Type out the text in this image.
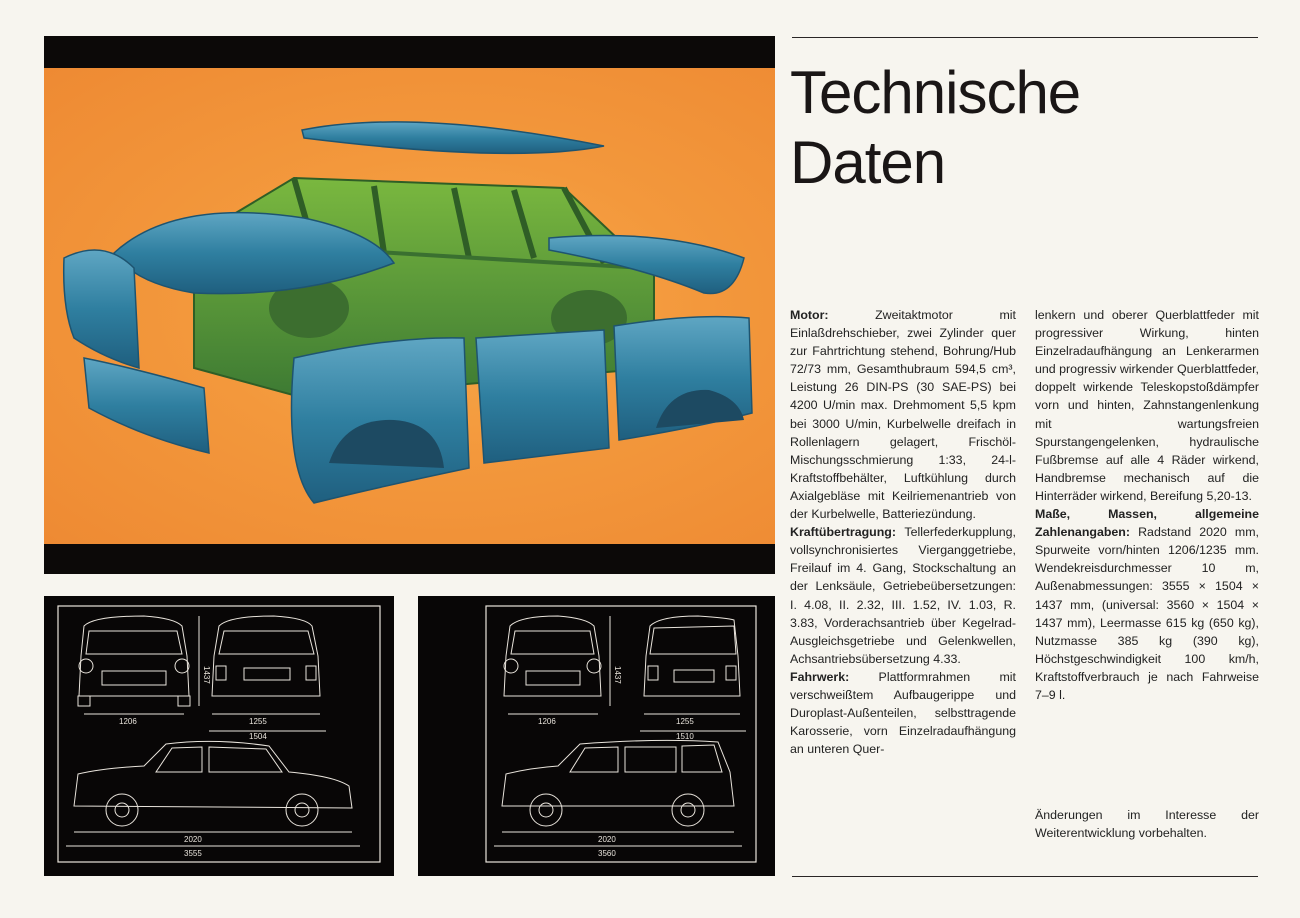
1206
1437
1255
1504
2020
3555
1206
1437
1255
1510
2020
3560
Technische
Daten

Motor: Zweitaktmotor mit Einlaßdrehschieber, zwei Zylinder quer zur Fahrtrichtung stehend, Bohrung/Hub 72/73 mm, Gesamthubraum 594,5 cm³, Leistung 26 DIN-PS (30 SAE-PS) bei 4200 U/min max. Drehmoment 5,5 kpm bei 3000 U/min, Kurbelwelle dreifach in Rollenlagern gelagert, Frischöl-Mischungsschmierung 1:33, 24-l-Kraftstoffbehälter, Luftkühlung durch Axialgebläse mit Keilriemenantrieb von der Kurbelwelle, Batteriezündung.

Kraftübertragung: Tellerfederkupplung, vollsynchronisiertes Vierganggetriebe, Freilauf im 4. Gang, Stockschaltung an der Lenksäule, Getriebeübersetzungen: I. 4.08, II. 2.32, III. 1.52, IV. 1.03, R. 3.83, Vorderachsantrieb über Kegelrad-Ausgleichsgetriebe und Gelenkwellen, Achsantriebsübersetzung 4.33.

Fahrwerk: Plattformrahmen mit verschweißtem Aufbaugerippe und Duroplast-Außenteilen, selbsttragende Karosserie, vorn Einzelradaufhängung an unteren Quer-

lenkern und oberer Querblattfeder mit progressiver Wirkung, hinten Einzelradaufhängung an Lenkerarmen und progressiv wirkender Querblattfeder, doppelt wirkende Teleskopstoßdämpfer vorn und hinten, Zahnstangenlenkung mit wartungsfreien Spurstangengelenken, hydraulische Fußbremse auf alle 4 Räder wirkend, Handbremse mechanisch auf die Hinterräder wirkend, Bereifung 5,20-13.

Maße, Massen, allgemeine Zahlenangaben: Radstand 2020 mm, Spurweite vorn/hinten 1206/1235 mm. Wendekreisdurchmesser 10 m, Außenabmessungen: 3555 × 1504 × 1437 mm, (universal: 3560 × 1504 × 1437 mm), Leermasse 615 kg (650 kg), Nutzmasse 385 kg (390 kg), Höchstgeschwindigkeit 100 km/h, Kraftstoffverbrauch je nach Fahrweise 7–9 l.

Änderungen im Interesse der Weiterentwicklung vorbehalten.
